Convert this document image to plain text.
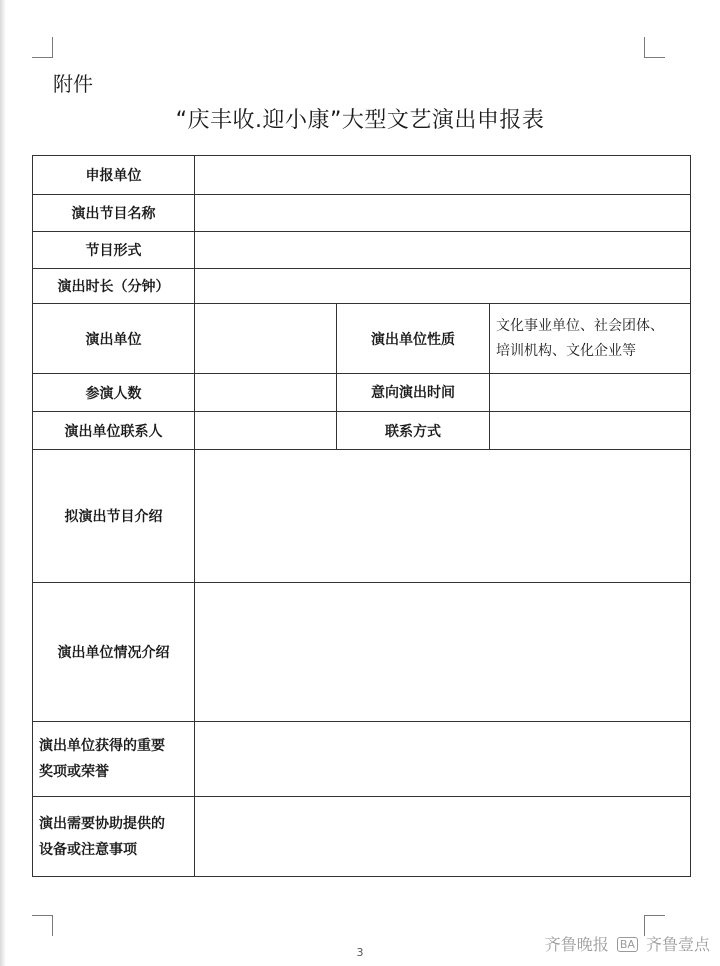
附件
“庆丰收.迎小康”大型文艺演出申报表
申报单位			
演出节目名称			
节目形式			
演出时长（分钟）			
演出单位		演出单位性质	文化事业单位、社会团体、
培训机构、文化企业等

参演人数		意向演出时间	
演出单位联系人		联系方式	
拟演出节目介绍			
演出单位情况介绍			

演出单位获得的重要
奖项或荣誉			

演出需要协助提供的
设备或注意事项			

3	齐鲁晚报 BA 齐鲁壹点
